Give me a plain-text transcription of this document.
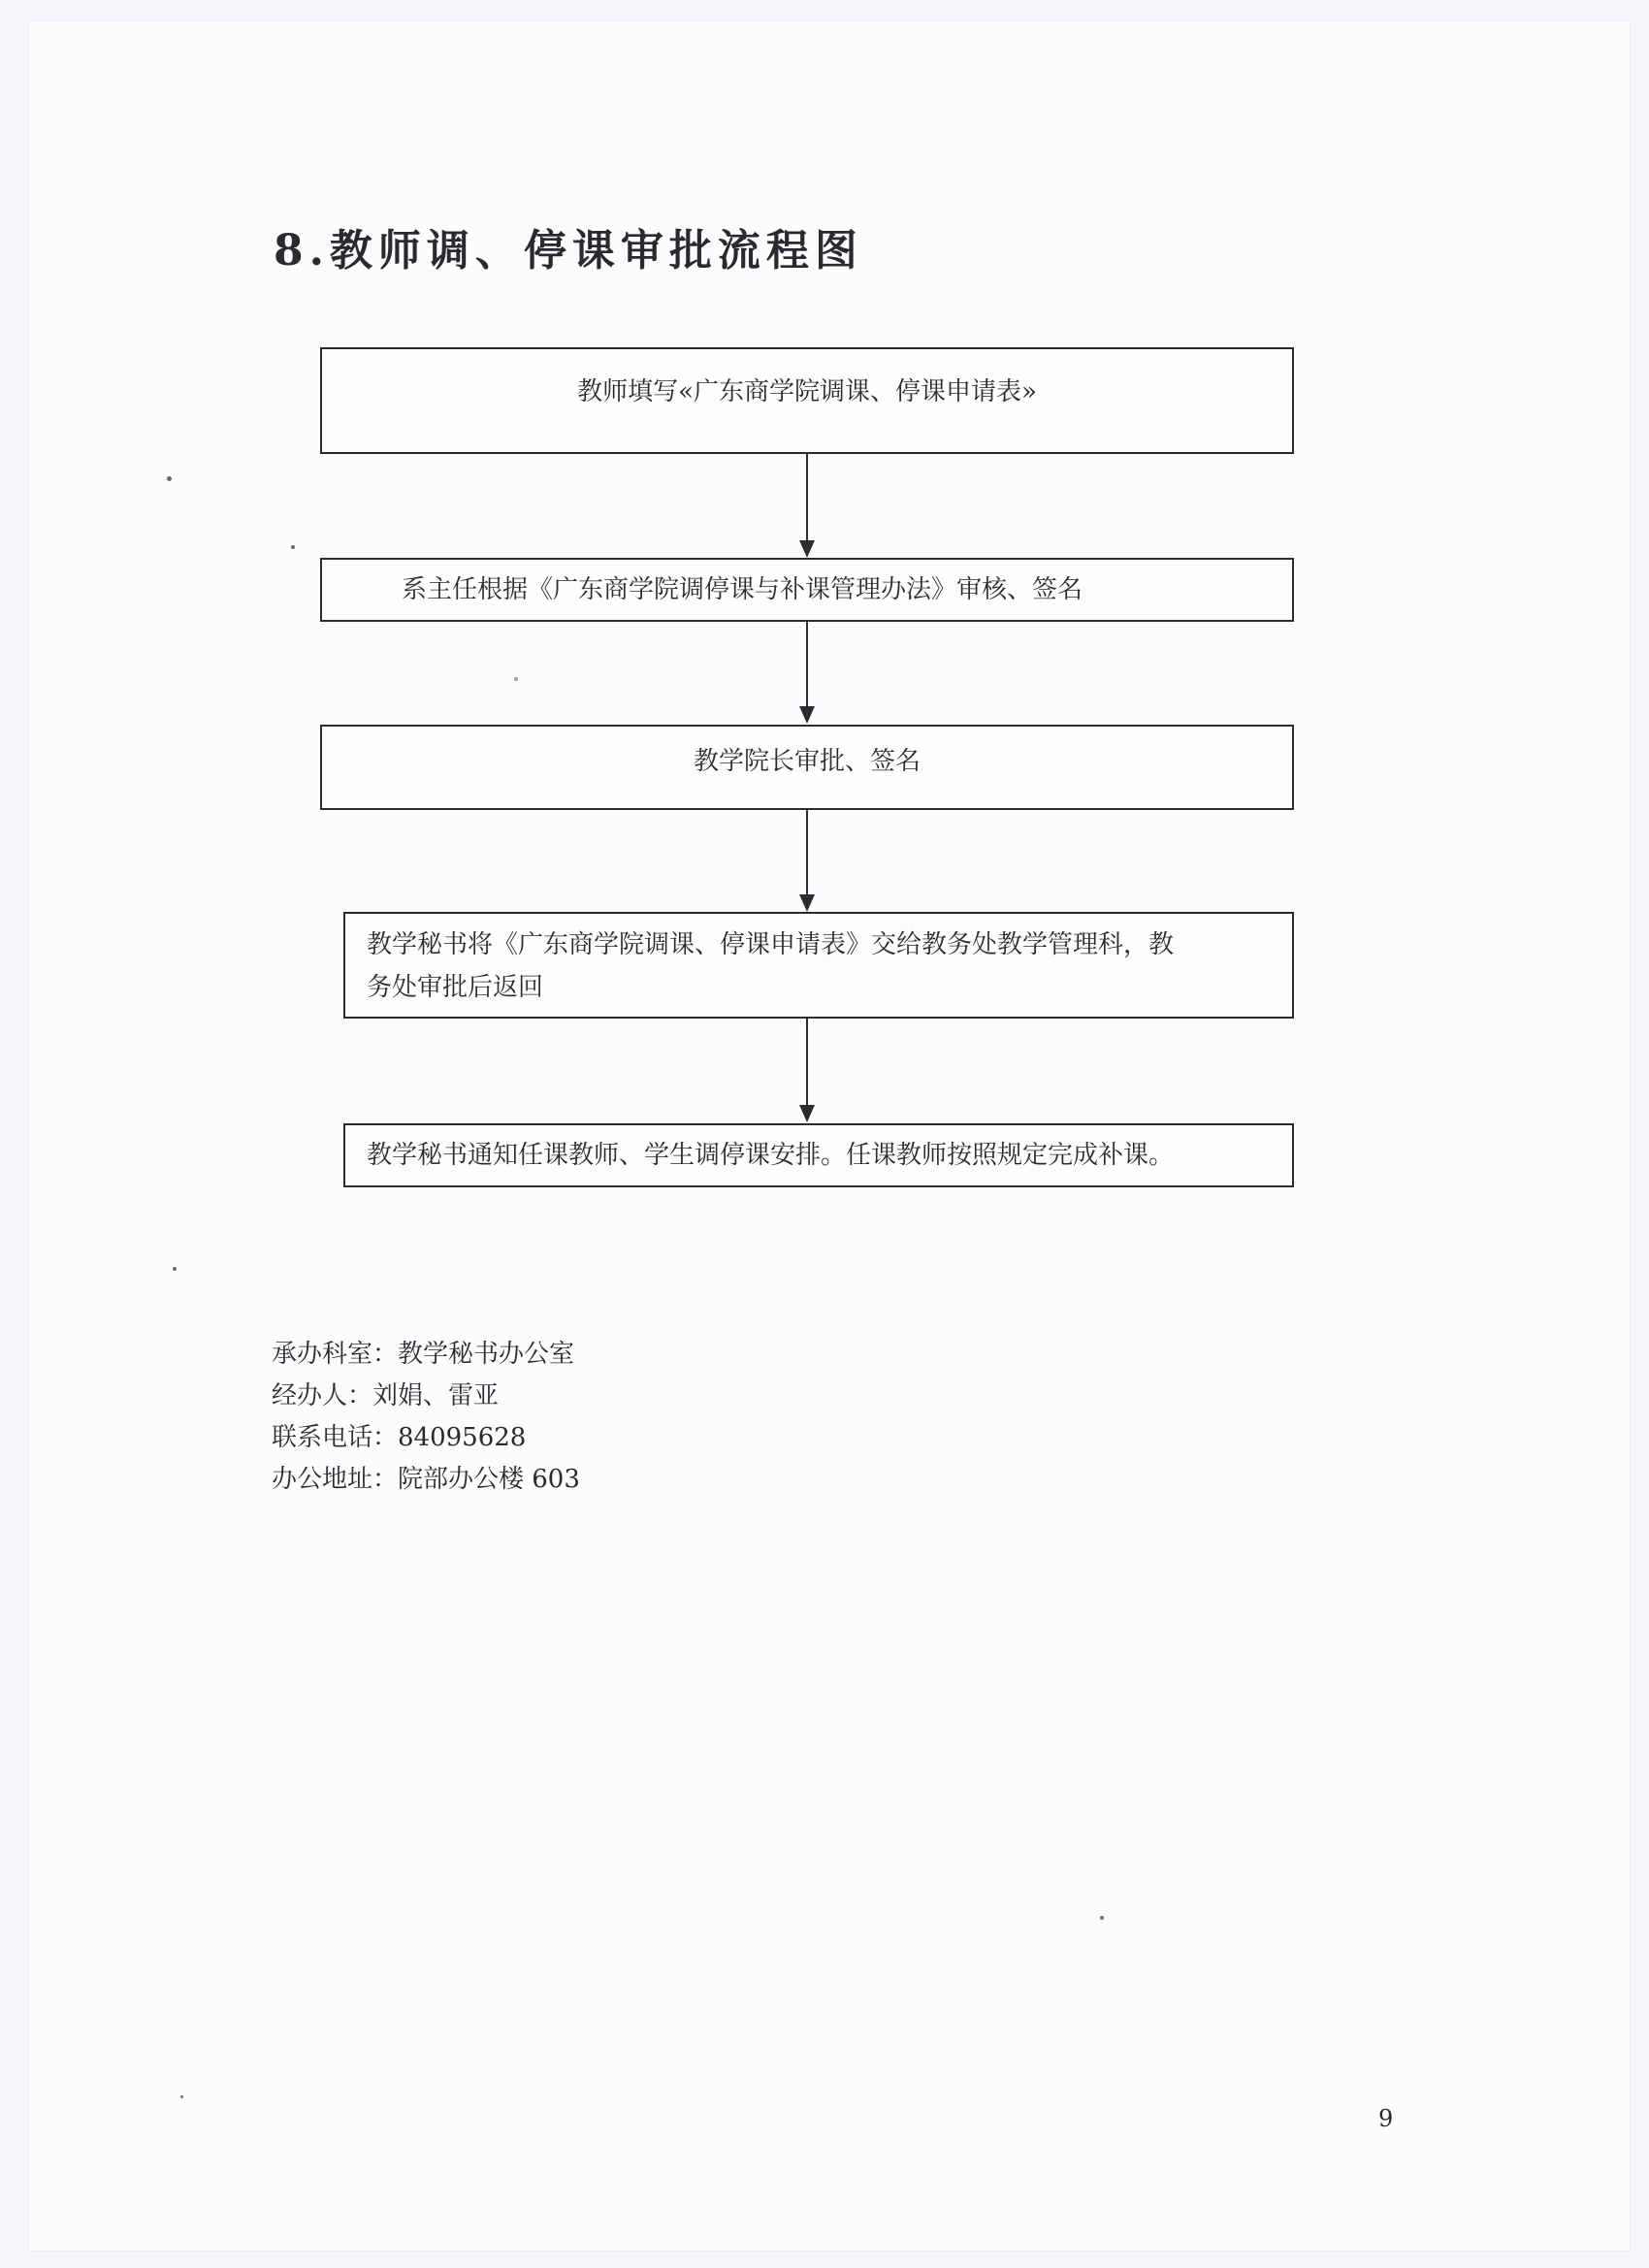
8.教师调、停课审批流程图
教师填写«广东商学院调课、停课申请表»
系主任根据《广东商学院调停课与补课管理办法》审核、签名
教学院长审批、签名
教学秘书将《广东商学院调课、停课申请表》交给教务处教学管理科，教
务处审批后返回
教学秘书通知任课教师、学生调停课安排。任课教师按照规定完成补课。
承办科室：教学秘书办公室
经办人：刘娟、雷亚
联系电话：84095628
办公地址：院部办公楼 603
9
